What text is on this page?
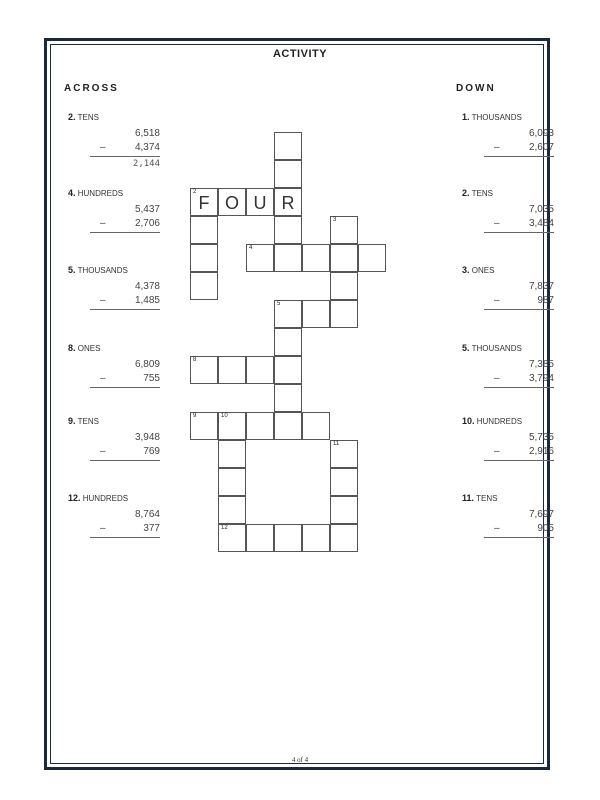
ACTIVITY
ACROSS	DOWN
2. TENS
6,518
–	4,374
2,144
4. HUNDREDS
5,437
–	2,706
5. THOUSANDS
4,378
–	1,485
8. ONES
6,809
–	755
9. TENS
3,948
–	769
12. HUNDREDS
8,764
–	377
1. THOUSANDS
6,093
–	2,607
2. TENS
7,035
–	3,484
3. ONES
7,837
–	987
5. THOUSANDS
7,385
–	3,794
10. HUNDREDS
5,735
–	2,916
11. TENS
7,697
–	905
R
2
F O U
4
3
5
8
9	10
11
12
4 of 4
